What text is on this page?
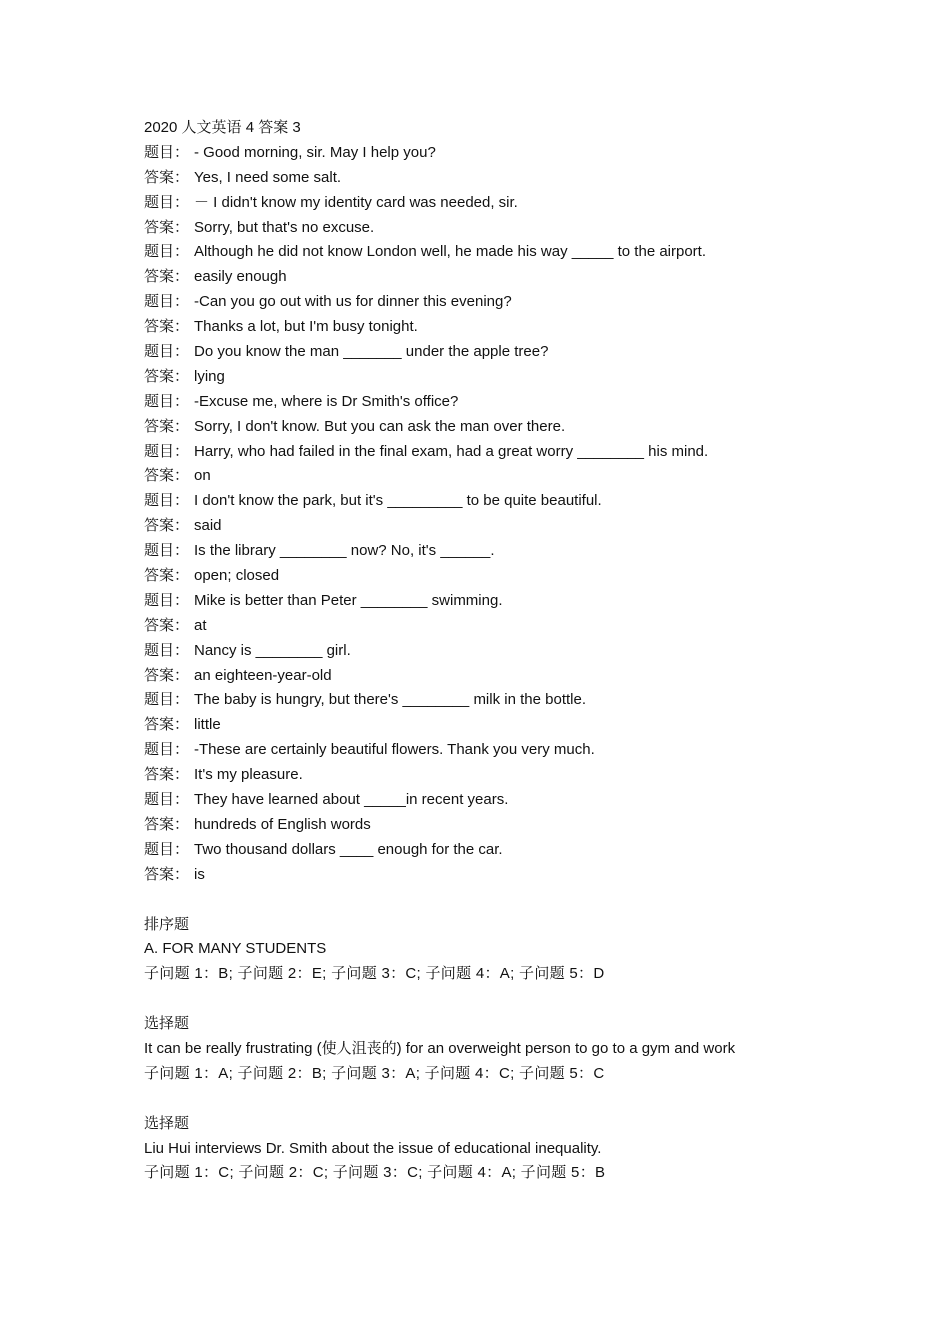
2020 人文英语 4 答案 3
题目： - Good morning, sir. May I help you?
答案： Yes, I need some salt.
题目： － I didn't know my identity card was needed, sir.
答案： Sorry, but that's no excuse.
题目： Although he did not know London well, he made his way _____ to the airport.
答案： easily enough
题目： -Can you go out with us for dinner this evening?
答案： Thanks a lot, but I'm busy tonight.
题目： Do you know the man _______ under the apple tree?
答案： lying
题目： -Excuse me, where is Dr Smith's office?
答案： Sorry, I don't know. But you can ask the man over there.
题目： Harry, who had failed in the final exam, had a great worry ________ his mind.
答案： on
题目： I don't know the park, but it's _________ to be quite beautiful.
答案： said
题目： Is the library ________ now? No, it's ______.
答案： open; closed
题目： Mike is better than Peter ________ swimming.
答案： at
题目： Nancy is ________ girl.
答案： an eighteen-year-old
题目： The baby is hungry, but there's ________ milk in the bottle.
答案： little
题目： -These are certainly beautiful flowers. Thank you very much.
答案： It's my pleasure.
题目： They have learned about _____in recent years.
答案： hundreds of English words
题目： Two thousand dollars ____ enough for the car.
答案： is
排序题
A. FOR MANY STUDENTS
子问题 1：B; 子问题 2：E; 子问题 3：C; 子问题 4：A; 子问题 5：D
选择题
It can be really frustrating (使人沮丧的) for an overweight person to go to a gym and work
子问题 1：A; 子问题 2：B; 子问题 3：A; 子问题 4：C; 子问题 5：C
选择题
Liu Hui interviews Dr. Smith about the issue of educational inequality.
子问题 1：C; 子问题 2：C; 子问题 3：C; 子问题 4：A; 子问题 5：B
